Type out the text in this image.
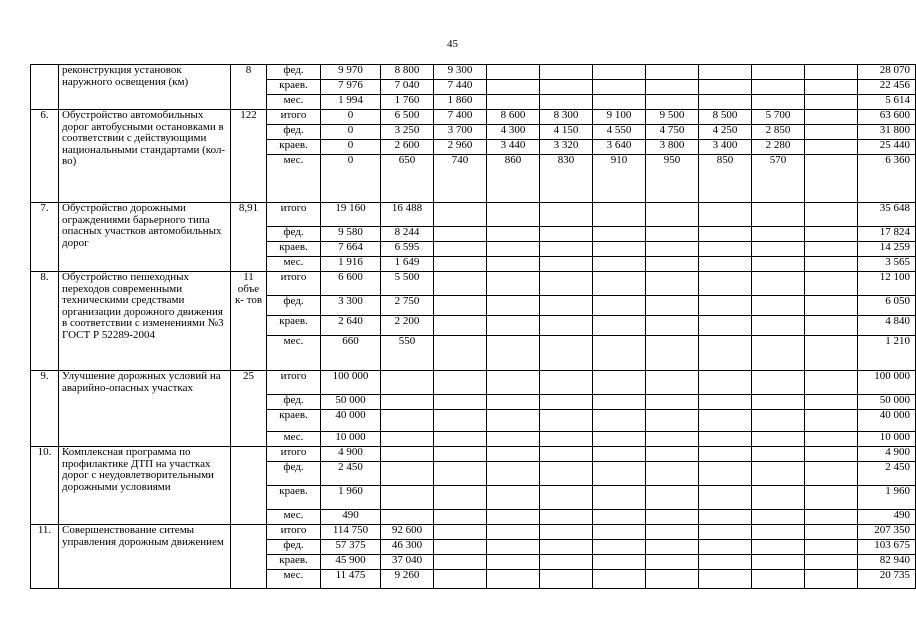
45
	реконструкция установок наружного освещения (км)	8	фед.	9 970	8 800	9 300								28 070
			краев.	7 976	7 040	7 440								22 456
			мес.	1 994	1 760	1 860								5 614
6.	Обустройство автомобильных дорог автобусными остановками в соответствии с действующими национальными стандартами (кол-во)	122	итого	0	6 500	7 400	8 600	8 300	9 100	9 500	8 500	5 700		63 600
			фед.	0	3 250	3 700	4 300	4 150	4 550	4 750	4 250	2 850		31 800
			краев.	0	2 600	2 960	3 440	3 320	3 640	3 800	3 400	2 280		25 440
			мес.	0	650	740	860	830	910	950	850	570		6 360
7.	Обустройство дорожными ограждениями барьерного типа опасных участков автомобильных дорог	8,91	итого	19 160	16 488									35 648
			фед.	9 580	8 244									17 824
			краев.	7 664	6 595									14 259
			мес.	1 916	1 649									3 565
8.	Обустройство пешеходных переходов современными техническими средствами организации дорожного движения в соответствии с изменениями №3 ГОСТ Р 52289-2004	11 объе к- тов	итого	6 600	5 500									12 100
			фед.	3 300	2 750									6 050
			краев.	2 640	2 200									4 840
			мес.	660	550									1 210
9.	Улучшение дорожных условий на аварийно-опасных участках	25	итого	100 000										100 000
			фед.	50 000										50 000
			краев.	40 000										40 000
			мес.	10 000										10 000
10.	Комплексная программа по профилактике ДТП на участках дорог с неудовлетворительными дорожными условиями		итого	4 900										4 900
			фед.	2 450										2 450
			краев.	1 960										1 960
			мес.	490										490
11.	Совершенствование ситемы управления дорожным движением		итого	114 750	92 600									207 350
			фед.	57 375	46 300									103 675
			краев.	45 900	37 040									82 940
			мес.	11 475	9 260									20 735
